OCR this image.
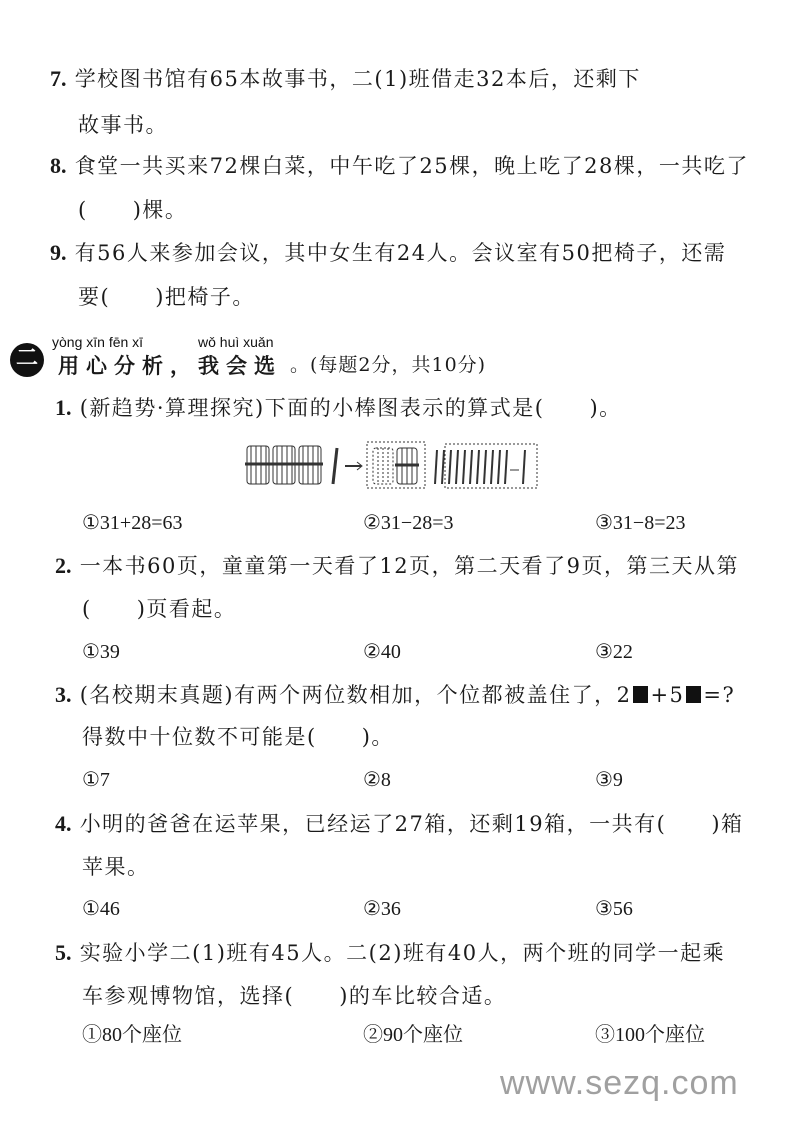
7. 学校图书馆有65本故事书，二(1)班借走32本后，还剩下
故事书。
8. 食堂一共买来72棵白菜，中午吃了25棵，晚上吃了28棵，一共吃了
(　　)棵。
9. 有56人来参加会议，其中女生有24人。会议室有50把椅子，还需
要(　　)把椅子。
二
yòng xīn fēn xī	wǒ huì xuǎn
用心分析，我会选 。(每题2分，共10分)
1. (新趋势·算理探究)下面的小棒图表示的算式是(　　)。
①31+28=63	②31−28=3	③31−8=23
2. 一本书60页，童童第一天看了12页，第二天看了9页，第三天从第
(　　)页看起。
①39	②40	③22
3. (名校期末真题)有两个两位数相加，个位都被盖住了，2 +5 =?
得数中十位数不可能是(　　)。
①7	②8	③9
4. 小明的爸爸在运苹果，已经运了27箱，还剩19箱，一共有(　　)箱
苹果。
①46	②36	③56
5. 实验小学二(1)班有45人。二(2)班有40人，两个班的同学一起乘
车参观博物馆，选择(　　)的车比较合适。
①80个座位	②90个座位	③100个座位
www.sezq.com
